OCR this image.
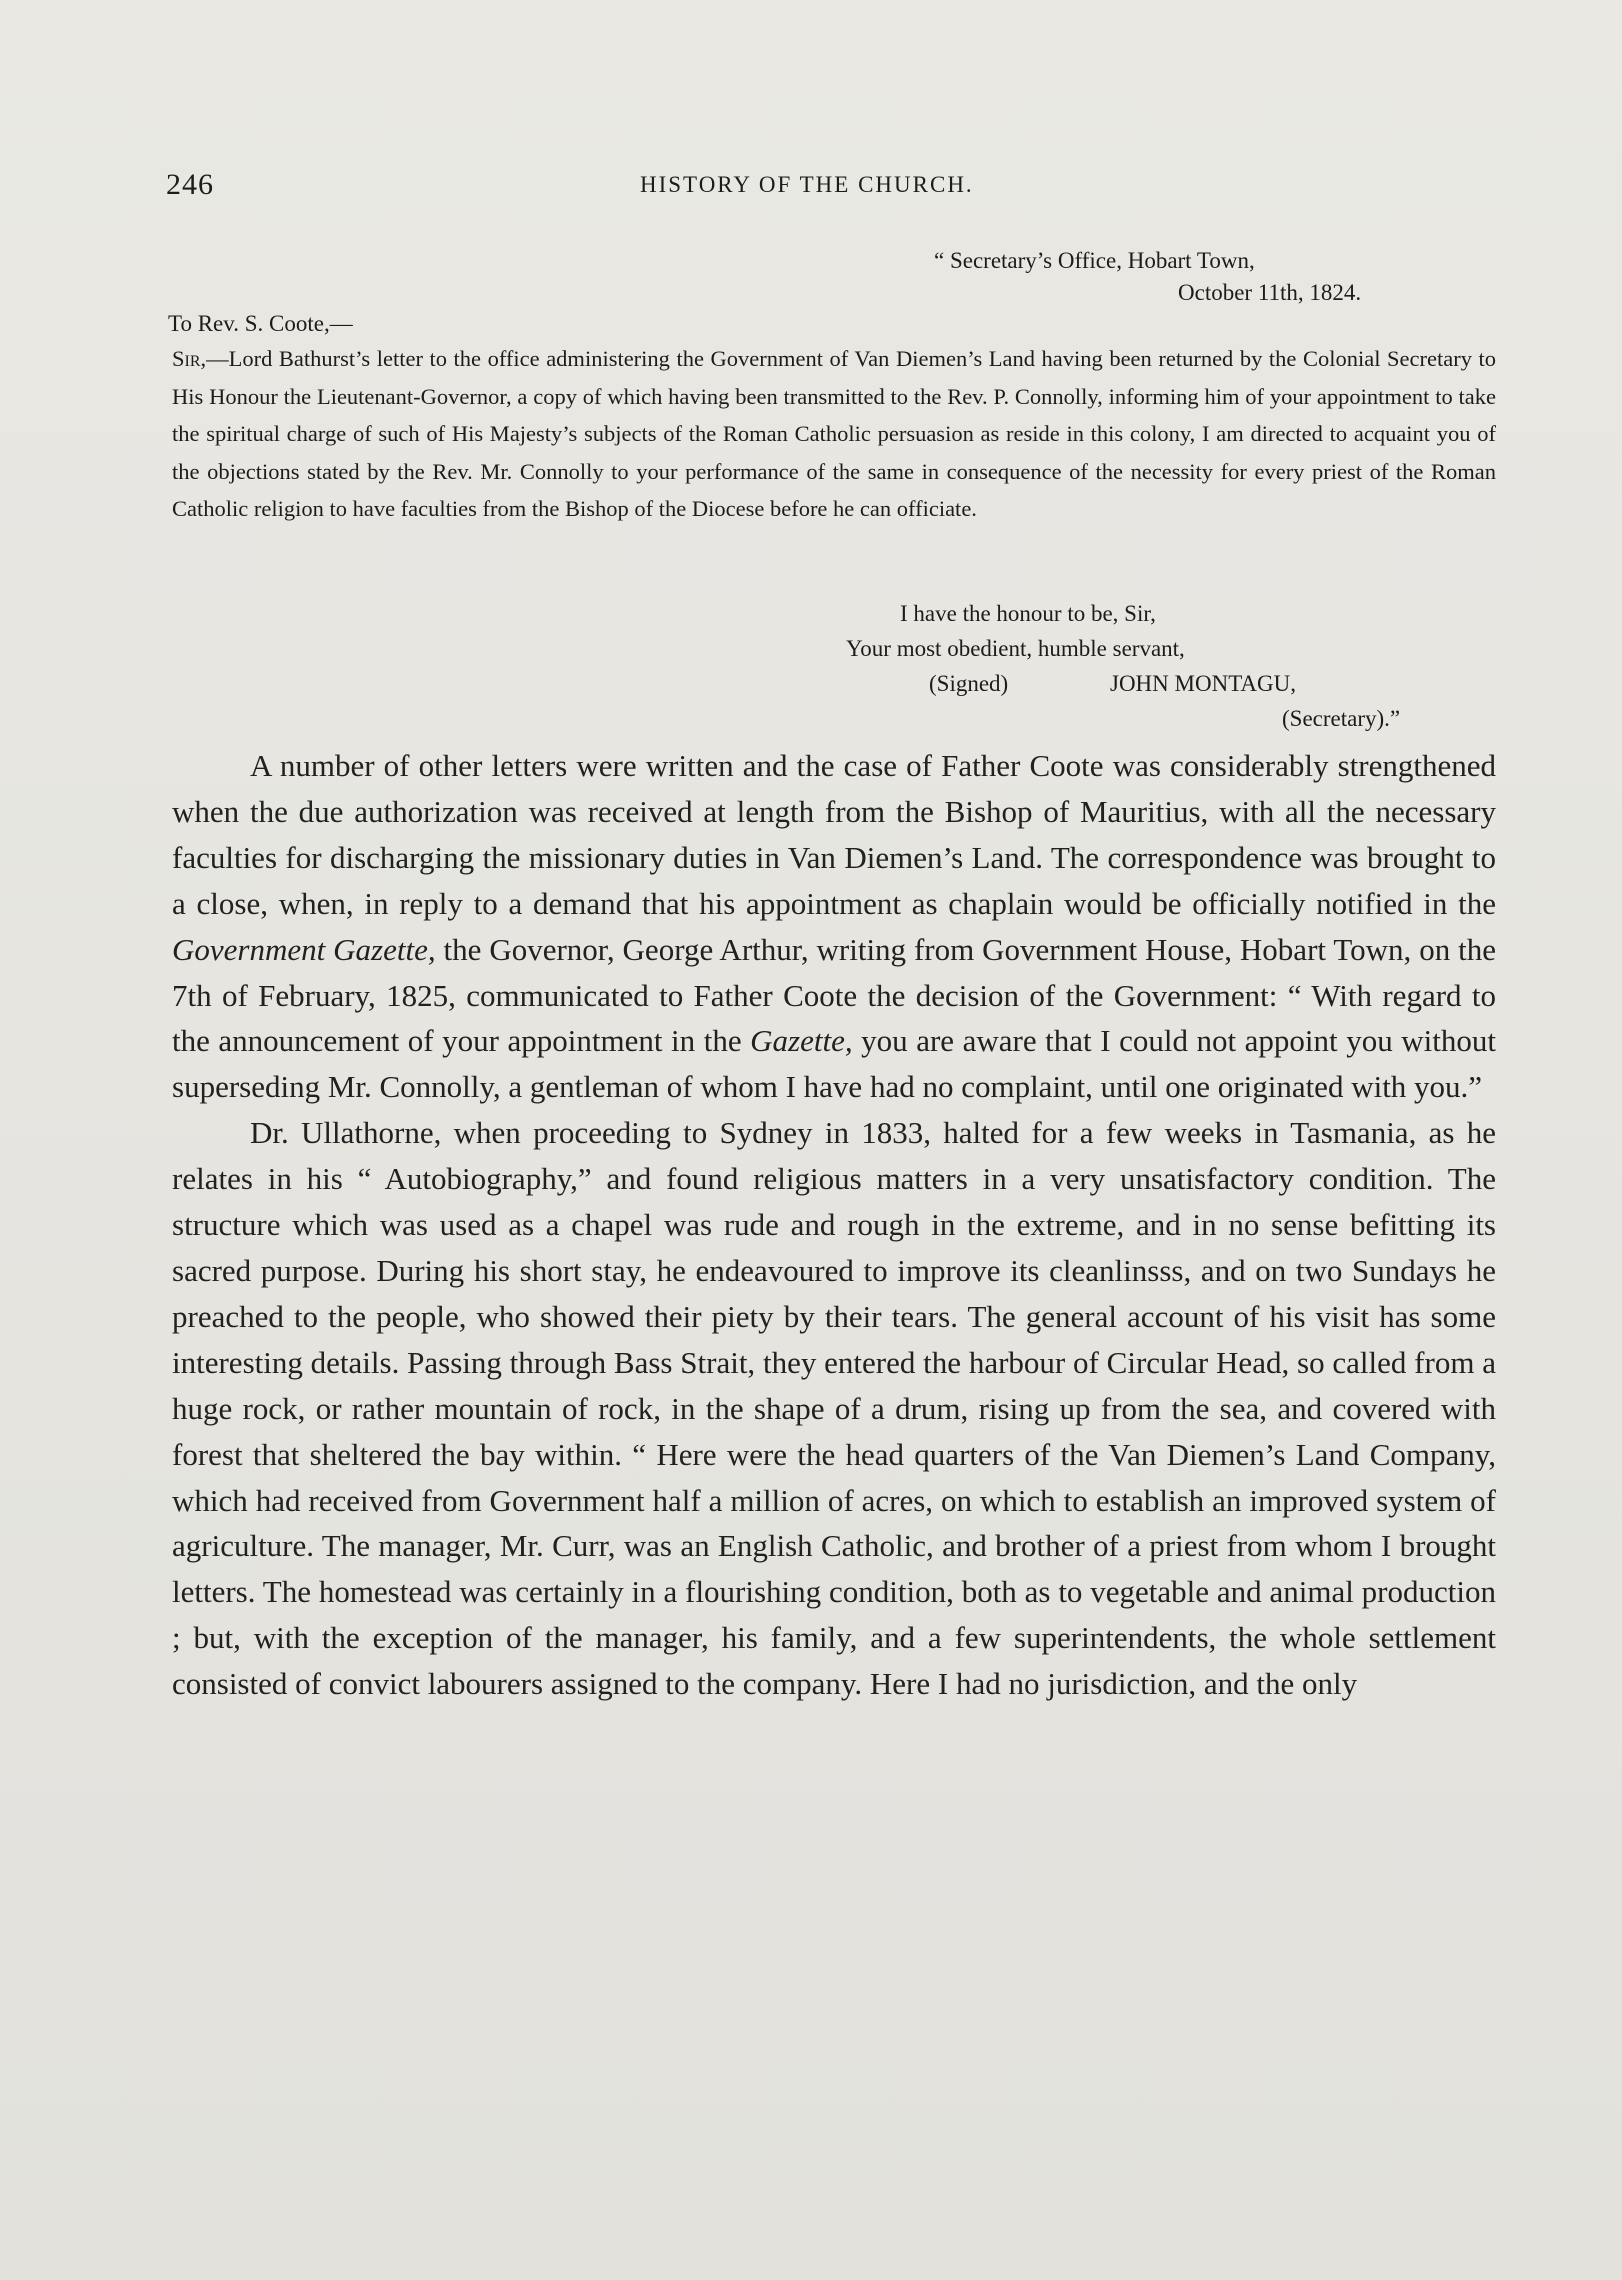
246	HISTORY OF THE CHURCH.
“ Secretary’s Office, Hobart Town,
October 11th, 1824.
To Rev. S. Coote,—
Sir,—Lord Bathurst’s letter to the office administering the Government of Van Diemen’s Land having been returned by the Colonial Secretary to His Honour the Lieutenant-Governor, a copy of which having been transmitted to the Rev. P. Connolly, informing him of your appointment to take the spiritual charge of such of His Majesty’s subjects of the Roman Catholic persuasion as reside in this colony, I am directed to acquaint you of the objections stated by the Rev. Mr. Connolly to your performance of the same in consequence of the necessity for every priest of the Roman Catholic religion to have faculties from the Bishop of the Diocese before he can officiate.
I have the honour to be, Sir,
Your most obedient, humble servant,
(Signed)	JOHN MONTAGU,
(Secretary).”

A number of other letters were written and the case of Father Coote was considerably strengthened when the due authorization was received at length from the Bishop of Mauritius, with all the necessary faculties for discharging the missionary duties in Van Diemen’s Land. The correspondence was brought to a close, when, in reply to a demand that his appointment as chaplain would be officially notified in the Government Gazette, the Governor, George Arthur, writing from Government House, Hobart Town, on the 7th of February, 1825, communicated to Father Coote the decision of the Government: “ With regard to the announcement of your appointment in the Gazette, you are aware that I could not appoint you without superseding Mr. Connolly, a gentleman of whom I have had no complaint, until one originated with you.”

Dr. Ullathorne, when proceeding to Sydney in 1833, halted for a few weeks in Tasmania, as he relates in his “ Autobiography,” and found religious matters in a very unsatisfactory condition. The structure which was used as a chapel was rude and rough in the extreme, and in no sense befitting its sacred purpose. During his short stay, he endeavoured to improve its cleanlinsss, and on two Sundays he preached to the people, who showed their piety by their tears. The general account of his visit has some interesting details. Passing through Bass Strait, they entered the harbour of Circular Head, so called from a huge rock, or rather mountain of rock, in the shape of a drum, rising up from the sea, and covered with forest that sheltered the bay within. “ Here were the head quarters of the Van Diemen’s Land Company, which had received from Government half a million of acres, on which to establish an improved system of agriculture. The manager, Mr. Curr, was an English Catholic, and brother of a priest from whom I brought letters. The homestead was certainly in a flourishing condition, both as to vegetable and animal production ; but, with the exception of the manager, his family, and a few superintendents, the whole settlement consisted of convict labourers assigned to the company. Here I had no jurisdiction, and the only
